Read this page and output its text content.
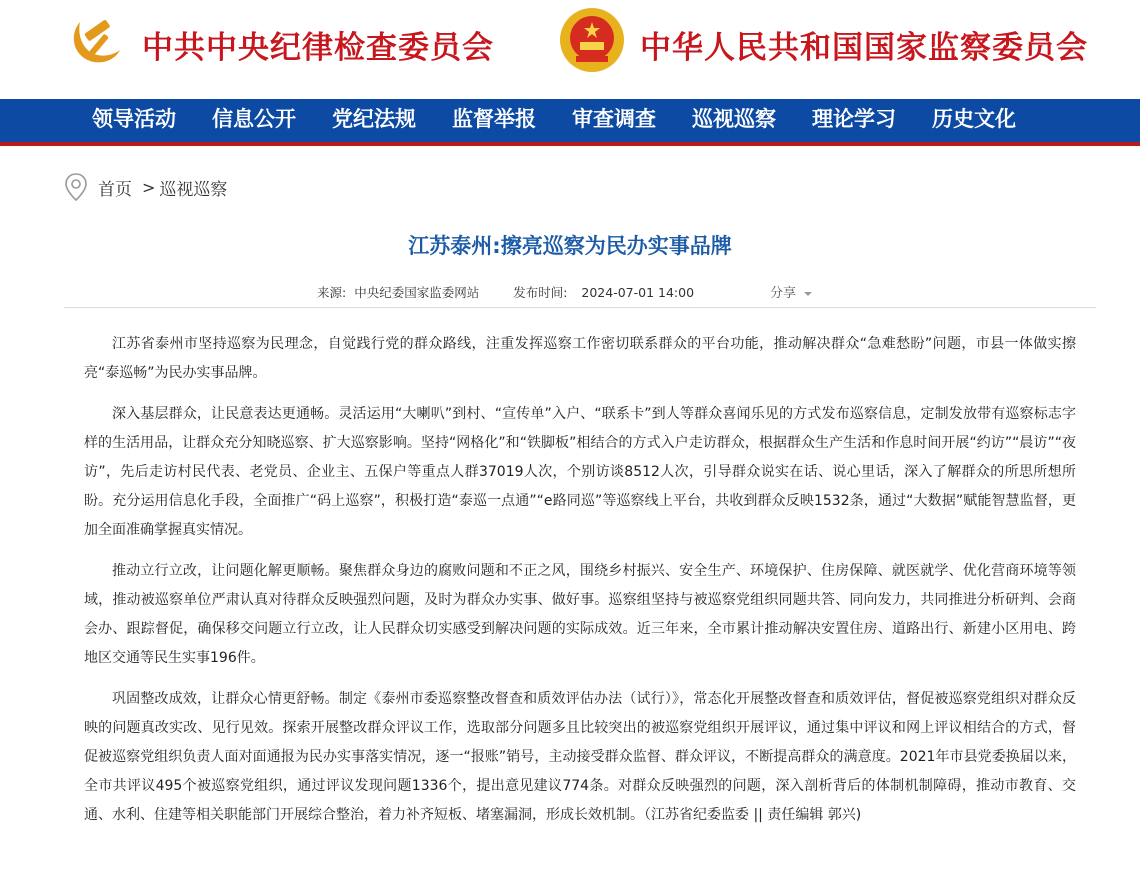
中共中央纪律检查委员会	中华人民共和国国家监察委员会
领导活动 信息公开 党纪法规 监督举报 审查调查 巡视巡察 理论学习 历史文化
首页 > 巡视巡察
江苏泰州:擦亮巡察为民办实事品牌
来源: 中央纪委国家监委网站	发布时间: 2024-07-01 14:00	分享

江苏省泰州市坚持巡察为民理念，自觉践行党的群众路线，注重发挥巡察工作密切联系群众的平台功能，推动解决群众“急难愁盼”问题，市县一体做实擦亮“泰巡畅”为民办实事品牌。

深入基层群众，让民意表达更通畅。灵活运用“大喇叭”到村、“宣传单”入户、“联系卡”到人等群众喜闻乐见的方式发布巡察信息，定制发放带有巡察标志字样的生活用品，让群众充分知晓巡察、扩大巡察影响。坚持“网格化”和“铁脚板”相结合的方式入户走访群众，根据群众生产生活和作息时间开展“约访”“晨访”“夜访”，先后走访村民代表、老党员、企业主、五保户等重点人群37019人次，个别访谈8512人次，引导群众说实在话、说心里话，深入了解群众的所思所想所盼。充分运用信息化手段，全面推广“码上巡察”，积极打造“泰巡一点通”“e路同巡”等巡察线上平台，共收到群众反映1532条，通过“大数据”赋能智慧监督，更加全面准确掌握真实情况。

推动立行立改，让问题化解更顺畅。聚焦群众身边的腐败问题和不正之风，围绕乡村振兴、安全生产、环境保护、住房保障、就医就学、优化营商环境等领域，推动被巡察单位严肃认真对待群众反映强烈问题，及时为群众办实事、做好事。巡察组坚持与被巡察党组织同题共答、同向发力，共同推进分析研判、会商会办、跟踪督促，确保移交问题立行立改，让人民群众切实感受到解决问题的实际成效。近三年来，全市累计推动解决安置住房、道路出行、新建小区用电、跨地区交通等民生实事196件。

巩固整改成效，让群众心情更舒畅。制定《泰州市委巡察整改督查和质效评估办法（试行）》，常态化开展整改督查和质效评估，督促被巡察党组织对群众反映的问题真改实改、见行见效。探索开展整改群众评议工作，选取部分问题多且比较突出的被巡察党组织开展评议，通过集中评议和网上评议相结合的方式，督促被巡察党组织负责人面对面通报为民办实事落实情况，逐一“报账”销号，主动接受群众监督、群众评议，不断提高群众的满意度。2021年市县党委换届以来，全市共评议495个被巡察党组织，通过评议发现问题1336个，提出意见建议774条。对群众反映强烈的问题，深入剖析背后的体制机制障碍，推动市教育、交通、水利、住建等相关职能部门开展综合整治，着力补齐短板、堵塞漏洞，形成长效机制。（江苏省纪委监委 || 责任编辑 郭兴)
